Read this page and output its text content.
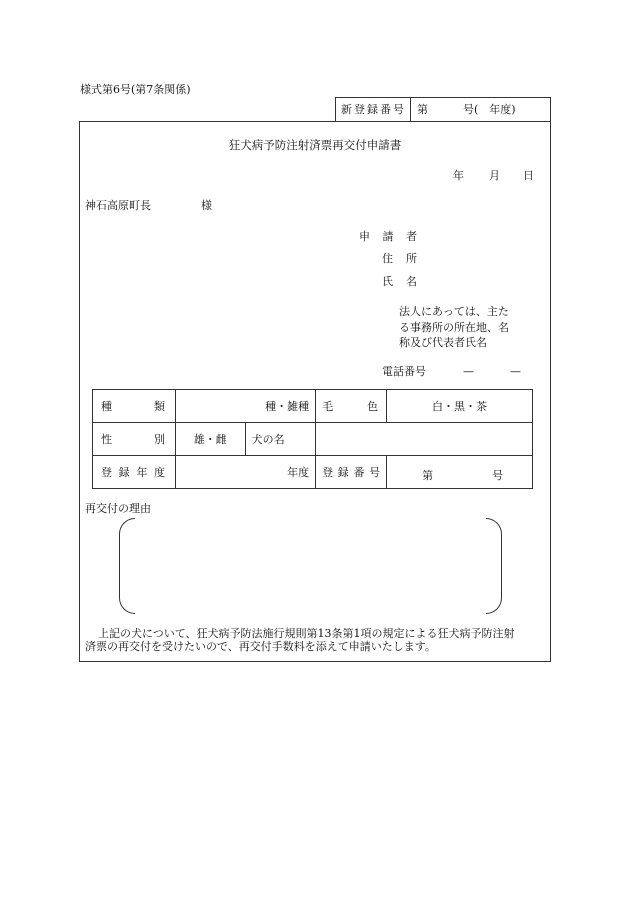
様式第6号(第7条関係)
新登録番号 第	号(　年度)
狂犬病予防注射済票再交付申請書
年 月 日
神石高原町長	様
申請者
住所
氏名
法人にあっては、主た
る事務所の所在地、名
称及び代表者氏名
電話番号	—	—
種類	種・雑種		毛色	白・黒・茶

性別	雄・雌	犬の名		

登録年度	年度		登録番号	第 号
再交付の理由
上記の犬について、狂犬病予防法施行規則第13条第1項の規定による狂犬病予防注射
済票の再交付を受けたいので、再交付手数料を添えて申請いたします。
